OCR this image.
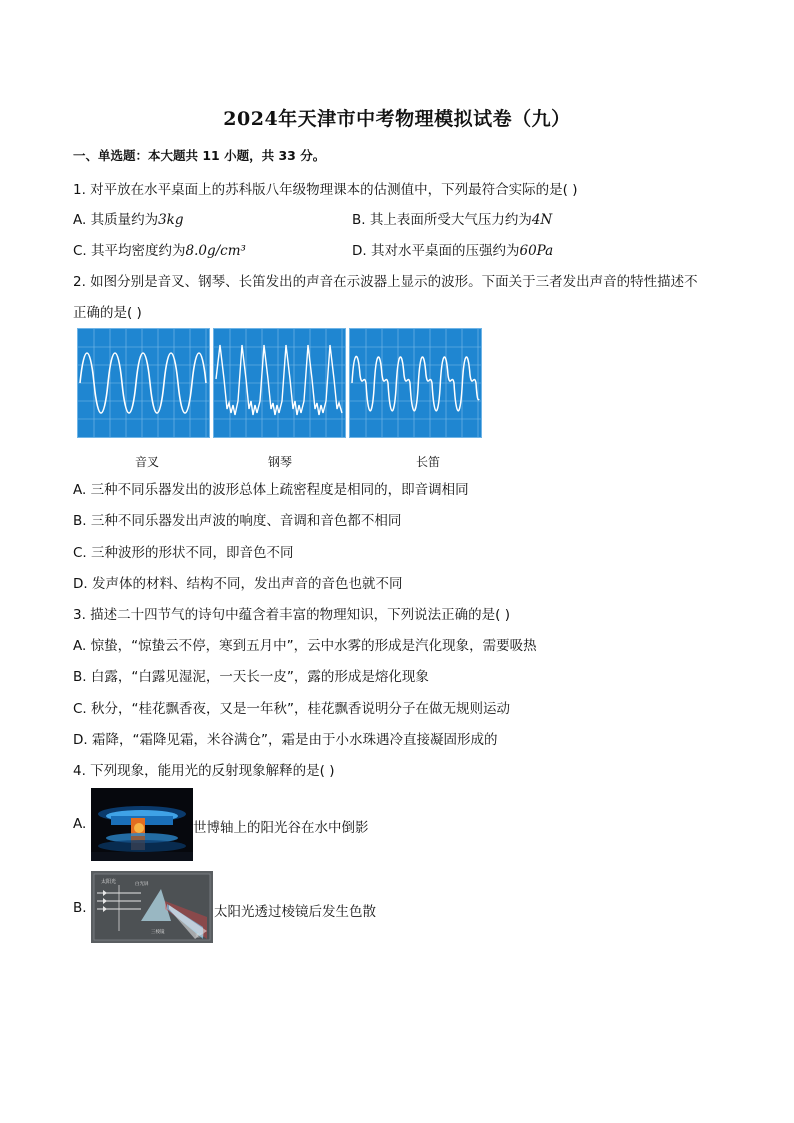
2024年天津市中考物理模拟试卷（九）
一、单选题：本大题共 11 小题，共 33 分。
1. 对平放在水平桌面上的苏科版八年级物理课本的估测值中，下列最符合实际的是( )
A. 其质量约为3kg	B. 其上表面所受大气压力约为4N
C. 其平均密度约为8.0g/cm³	D. 其对水平桌面的压强约为60Pa
2. 如图分别是音叉、钢琴、长笛发出的声音在示波器上显示的波形。下面关于三者发出声音的特性描述不
正确的是( )
音叉	钢琴	长笛
A. 三种不同乐器发出的波形总体上疏密程度是相同的，即音调相同
B. 三种不同乐器发出声波的响度、音调和音色都不相同
C. 三种波形的形状不同，即音色不同
D. 发声体的材料、结构不同，发出声音的音色也就不同
3. 描述二十四节气的诗句中蕴含着丰富的物理知识，下列说法正确的是( )
A. 惊蛰，“惊蛰云不停，寒到五月中”，云中水雾的形成是汽化现象，需要吸热
B. 白露，“白露见湿泥，一天长一皮”，露的形成是熔化现象
C. 秋分，“桂花飘香夜，又是一年秋”，桂花飘香说明分子在做无规则运动
D. 霜降，“霜降见霜，米谷满仓”，霜是由于小水珠遇冷直接凝固形成的
4. 下列现象，能用光的反射现象解释的是( )
A.	世博轴上的阳光谷在水中倒影
B.
太阳光	白光屏
三棱镜
光屏
太阳光透过棱镜后发生色散
